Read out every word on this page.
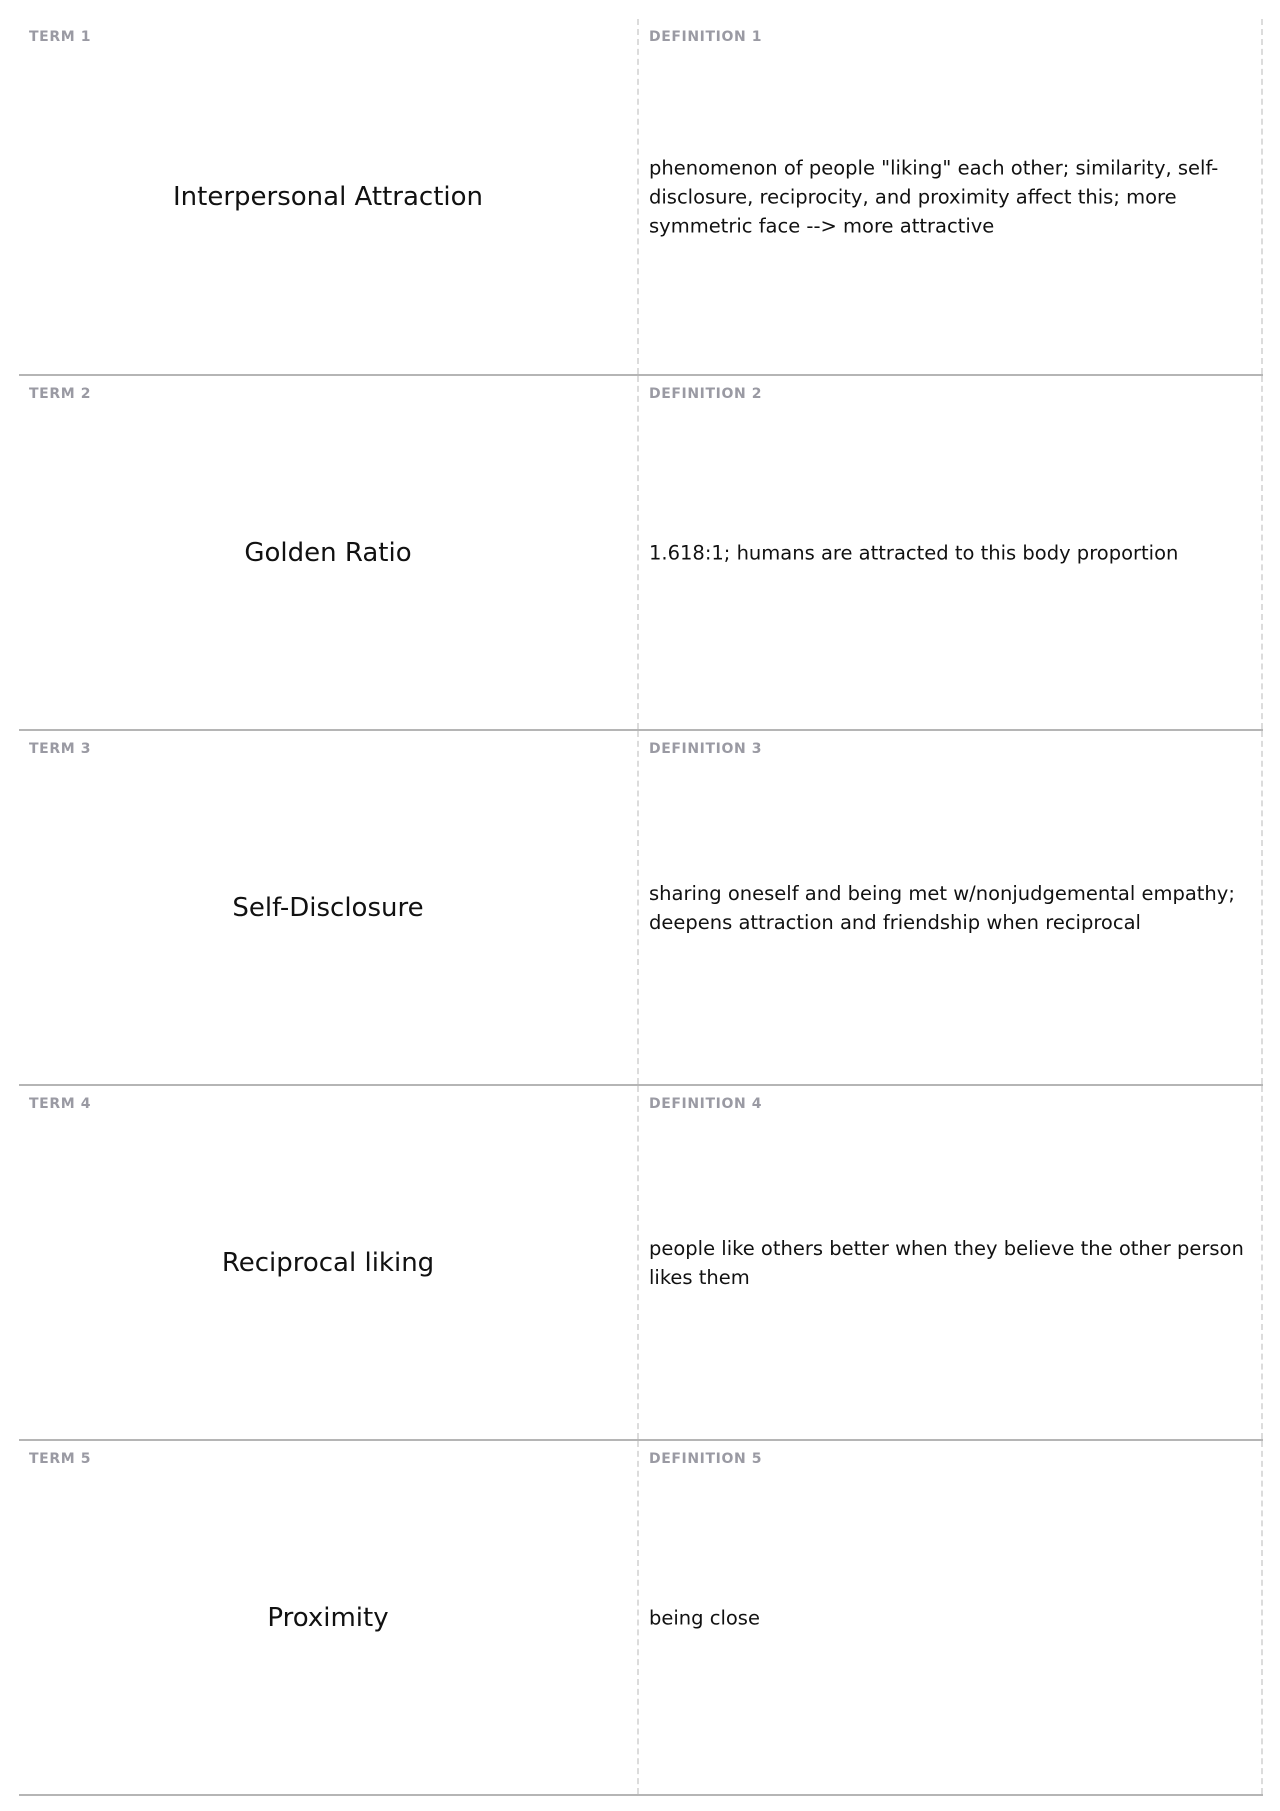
TERM 1
Interpersonal Attraction
DEFINITION 1
phenomenon of people "liking" each other; similarity, self-disclosure, reciprocity, and proximity affect this; more symmetric face --> more attractive
TERM 2
Golden Ratio
DEFINITION 2
1.618:1; humans are attracted to this body proportion
TERM 3
Self-Disclosure
DEFINITION 3
sharing oneself and being met w/nonjudgemental empathy; deepens attraction and friendship when reciprocal
TERM 4
Reciprocal liking
DEFINITION 4
people like others better when they believe the other person likes them
TERM 5
Proximity
DEFINITION 5
being close
